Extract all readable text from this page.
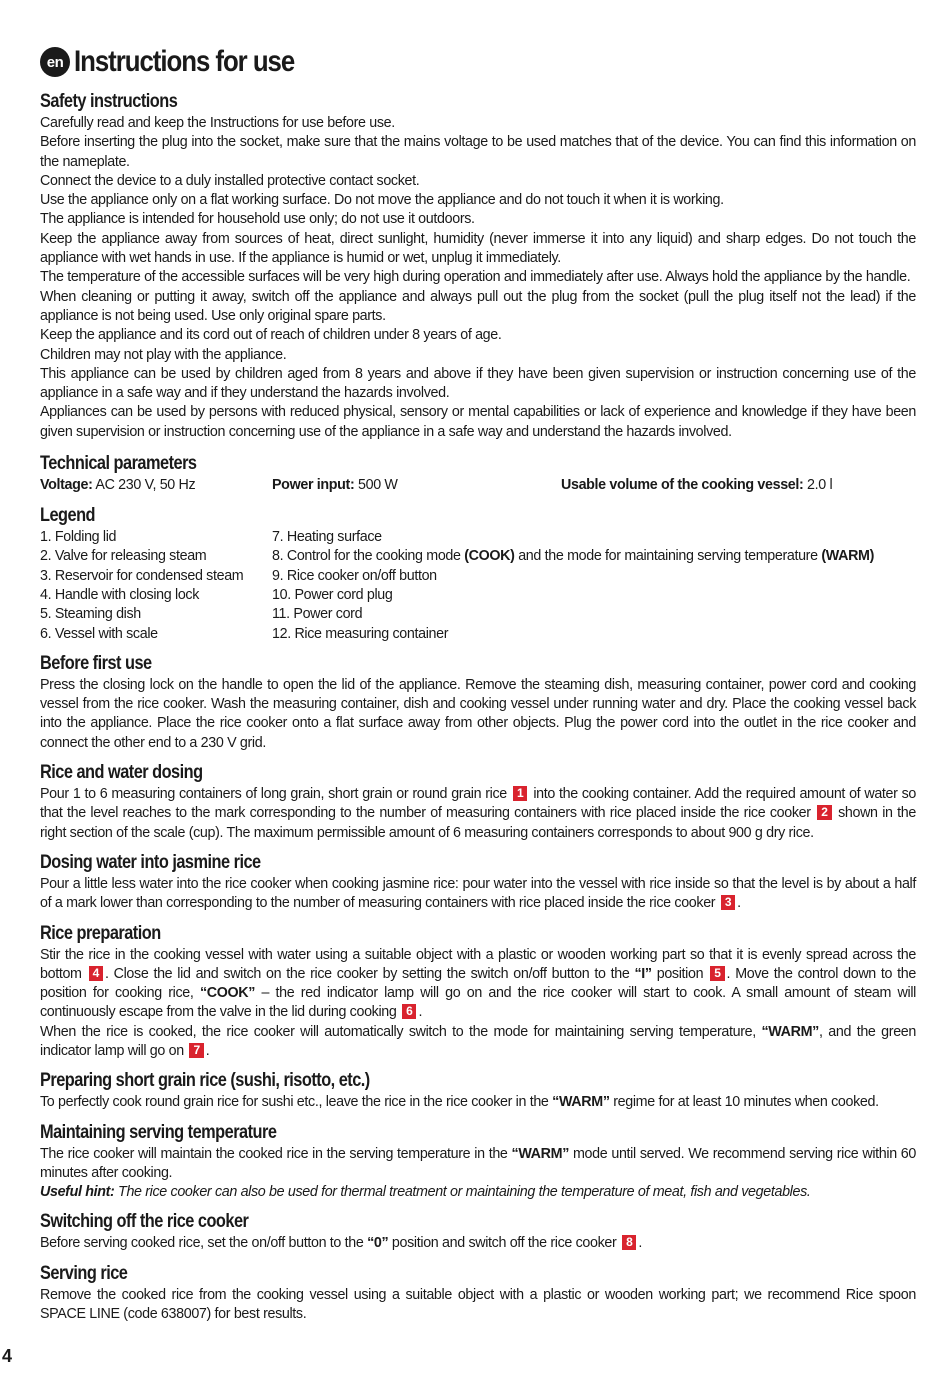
en Instructions for use
Safety instructions

Carefully read and keep the Instructions for use before use.

Before inserting the plug into the socket, make sure that the mains voltage to be used matches that of the device. You can find this information on the nameplate.

Connect the device to a duly installed protective contact socket.

Use the appliance only on a flat working surface. Do not move the appliance and do not touch it when it is working.

The appliance is intended for household use only; do not use it outdoors.

Keep the appliance away from sources of heat, direct sunlight, humidity (never immerse it into any liquid) and sharp edges. Do not touch the appliance with wet hands in use. If the appliance is humid or wet, unplug it immediately.

The temperature of the accessible surfaces will be very high during operation and immediately after use. Always hold the appliance by the handle.

When cleaning or putting it away, switch off the appliance and always pull out the plug from the socket (pull the plug itself not the lead) if the appliance is not being used. Use only original spare parts.

Keep the appliance and its cord out of reach of children under 8 years of age.

Children may not play with the appliance.

This appliance can be used by children aged from 8 years and above if they have been given supervision or instruction concerning use of the appliance in a safe way and if they understand the hazards involved.

Appliances can be used by persons with reduced physical, sensory or mental capabilities or lack of experience and knowledge if they have been given supervision or instruction concerning use of the appliance in a safe way and understand the hazards involved.

Technical parameters
Voltage: AC 230 V, 50 Hz	Power input: 500 W	Usable volume of the cooking vessel: 2.0 l
Legend
1. Folding lid
2. Valve for releasing steam
3. Reservoir for condensed steam
4. Handle with closing lock
5. Steaming dish
6. Vessel with scale
7. Heating surface
8. Control for the cooking mode (COOK) and the mode for maintaining serving temperature (WARM)
9. Rice cooker on/off button
10. Power cord plug
11. Power cord
12. Rice measuring container
Before first use

Press the closing lock on the handle to open the lid of the appliance. Remove the steaming dish, measuring container, power cord and cooking vessel from the rice cooker. Wash the measuring container, dish and cooking vessel under running water and dry. Place the cooking vessel back into the appliance. Place the rice cooker onto a flat surface away from other objects. Plug the power cord into the outlet in the rice cooker and connect the other end to a 230 V grid.

Rice and water dosing

Pour 1 to 6 measuring containers of long grain, short grain or round grain rice 1 into the cooking container. Add the required amount of water so that the level reaches to the mark corresponding to the number of measuring containers with rice placed inside the rice cooker 2 shown in the right section of the scale (cup). The maximum permissible amount of 6 measuring containers corresponds to about 900 g dry rice.

Dosing water into jasmine rice

Pour a little less water into the rice cooker when cooking jasmine rice: pour water into the vessel with rice inside so that the level is by about a half of a mark lower than corresponding to the number of measuring containers with rice placed inside the rice cooker 3 .

Rice preparation

Stir the rice in the cooking vessel with water using a suitable object with a plastic or wooden working part so that it is evenly spread across the bottom 4 . Close the lid and switch on the rice cooker by setting the switch on/off button to the “I” position 5 . Move the control down to the position for cooking rice, “COOK” – the red indicator lamp will go on and the rice cooker will start to cook. A small amount of steam will continuously escape from the valve in the lid during cooking 6 .

When the rice is cooked, the rice cooker will automatically switch to the mode for maintaining serving temperature, “WARM”, and the green indicator lamp will go on 7 .

Preparing short grain rice (sushi, risotto, etc.)

To perfectly cook round grain rice for sushi etc., leave the rice in the rice cooker in the “WARM” regime for at least 10 minutes when cooked.

Maintaining serving temperature

The rice cooker will maintain the cooked rice in the serving temperature in the “WARM” mode until served. We recommend serving rice within 60 minutes after cooking.

Useful hint: The rice cooker can also be used for thermal treatment or maintaining the temperature of meat, fish and vegetables.

Switching off the rice cooker

Before serving cooked rice, set the on/off button to the “0” position and switch off the rice cooker 8 .

Serving rice

Remove the cooked rice from the cooking vessel using a suitable object with a plastic or wooden working part; we recommend Rice spoon SPACE LINE (code 638007) for best results.

4
